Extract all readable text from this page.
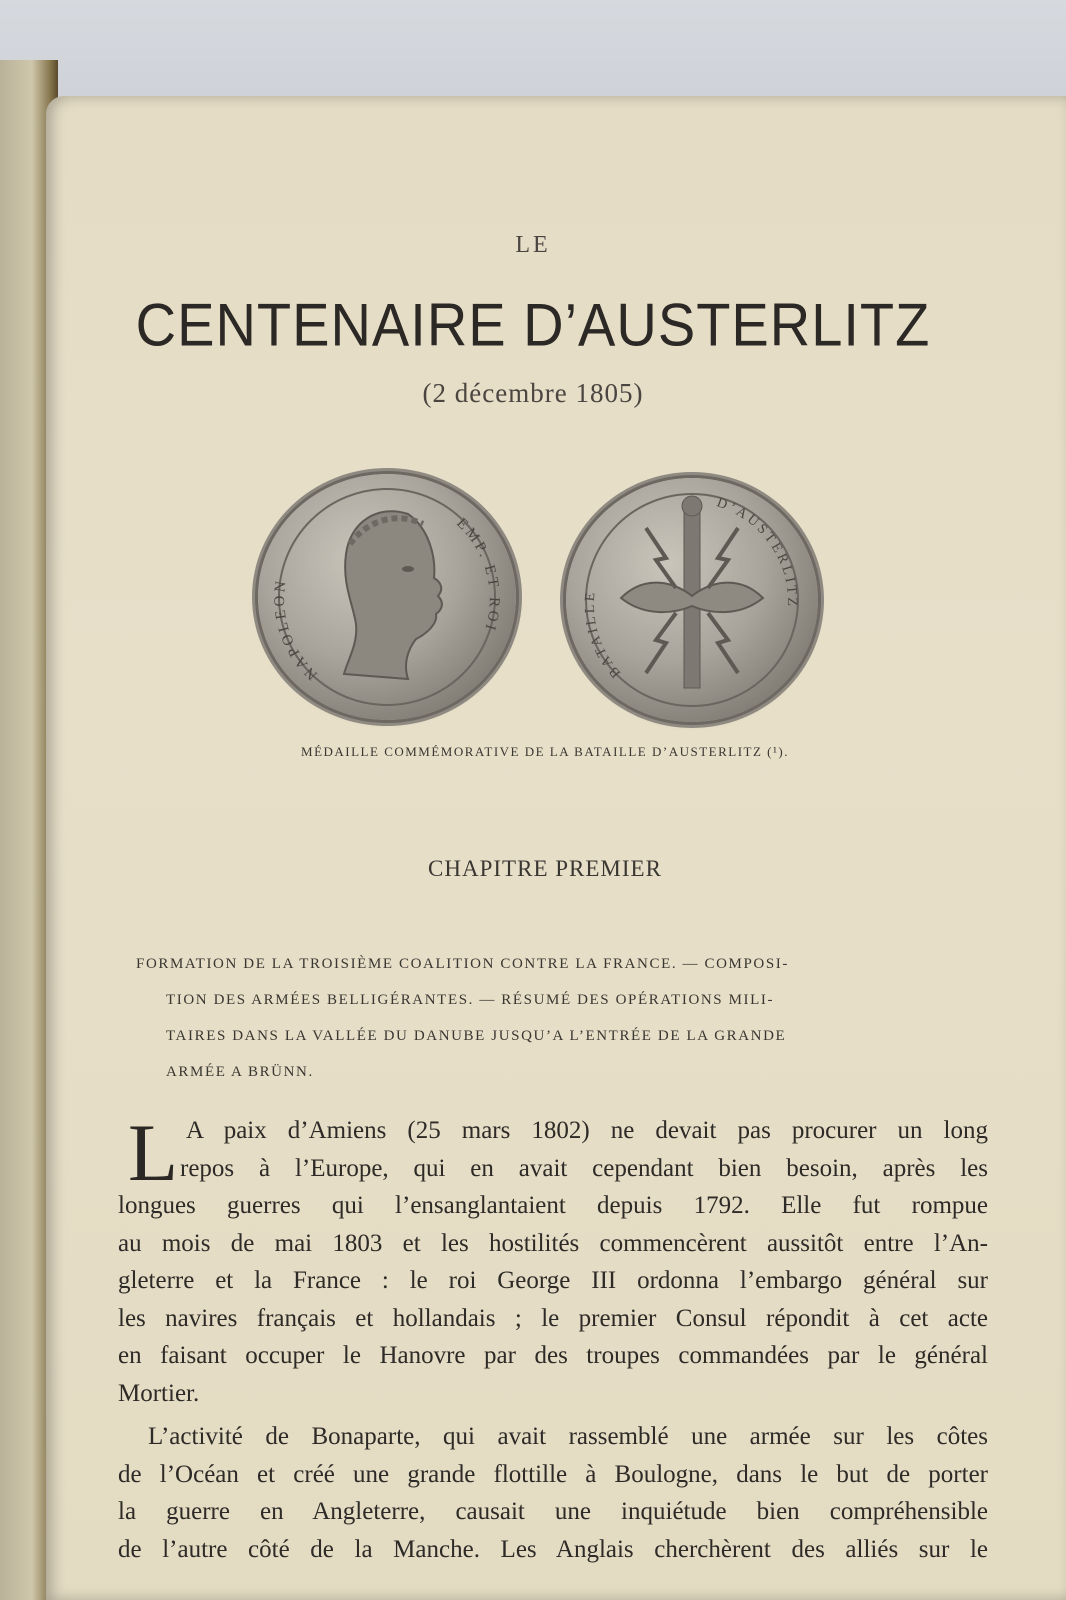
LE
CENTENAIRE D’AUSTERLITZ
(2 décembre 1805)
NAPOLEON
EMP. ET ROI
BATAILLE
D’AUSTERLITZ
MÉDAILLE COMMÉMORATIVE DE LA BATAILLE D’AUSTERLITZ (¹).
CHAPITRE PREMIER
FORMATION DE LA TROISIÈME COALITION CONTRE LA FRANCE. — COMPOSI-
TION DES ARMÉES BELLIGÉRANTES. — RÉSUMÉ DES OPÉRATIONS MILI-
TAIRES DANS LA VALLÉE DU DANUBE JUSQU’A L’ENTRÉE DE LA GRANDE
ARMÉE A BRÜNN.
L A paix d’Amiens (25 mars 1802) ne devait pas procurer un long
repos à l’Europe, qui en avait cependant bien besoin, après les
longues guerres qui l’ensanglantaient depuis 1792. Elle fut rompue
au mois de mai 1803 et les hostilités commencèrent aussitôt entre l’An-
gleterre et la France : le roi George III ordonna l’embargo général sur
les navires français et hollandais ; le premier Consul répondit à cet acte
en faisant occuper le Hanovre par des troupes commandées par le général
Mortier.
L’activité de Bonaparte, qui avait rassemblé une armée sur les côtes
de l’Océan et créé une grande flottille à Boulogne, dans le but de porter
la guerre en Angleterre, causait une inquiétude bien compréhensible
de l’autre côté de la Manche. Les Anglais cherchèrent des alliés sur le
